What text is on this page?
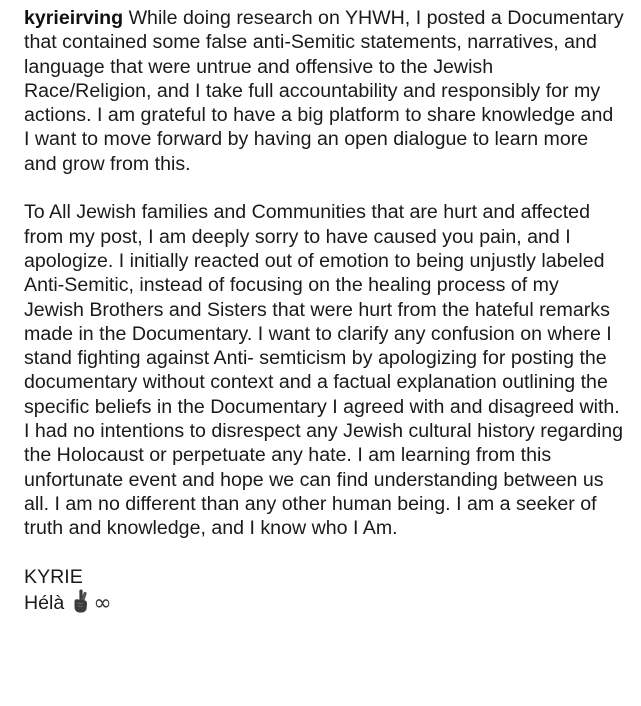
kyrieirving While doing research on YHWH, I posted a Documentary that contained some false anti-Semitic statements, narratives, and language that were untrue and offensive to the Jewish Race/Religion, and I take full accountability and responsibly for my actions. I am grateful to have a big platform to share knowledge and I want to move forward by having an open dialogue to learn more and grow from this.

To All Jewish families and Communities that are hurt and affected from my post, I am deeply sorry to have caused you pain, and I apologize. I initially reacted out of emotion to being unjustly labeled Anti-Semitic, instead of focusing on the healing process of my Jewish Brothers and Sisters that were hurt from the hateful remarks made in the Documentary. I want to clarify any confusion on where I stand fighting against Anti- semticism by apologizing for posting the documentary without context and a factual explanation outlining the specific beliefs in the Documentary I agreed with and disagreed with. I had no intentions to disrespect any Jewish cultural history regarding the Holocaust or perpetuate any hate. I am learning from this unfortunate event and hope we can find understanding between us all. I am no different than any other human being. I am a seeker of truth and knowledge, and I know who I Am.

KYRIE
Hélà ∞
